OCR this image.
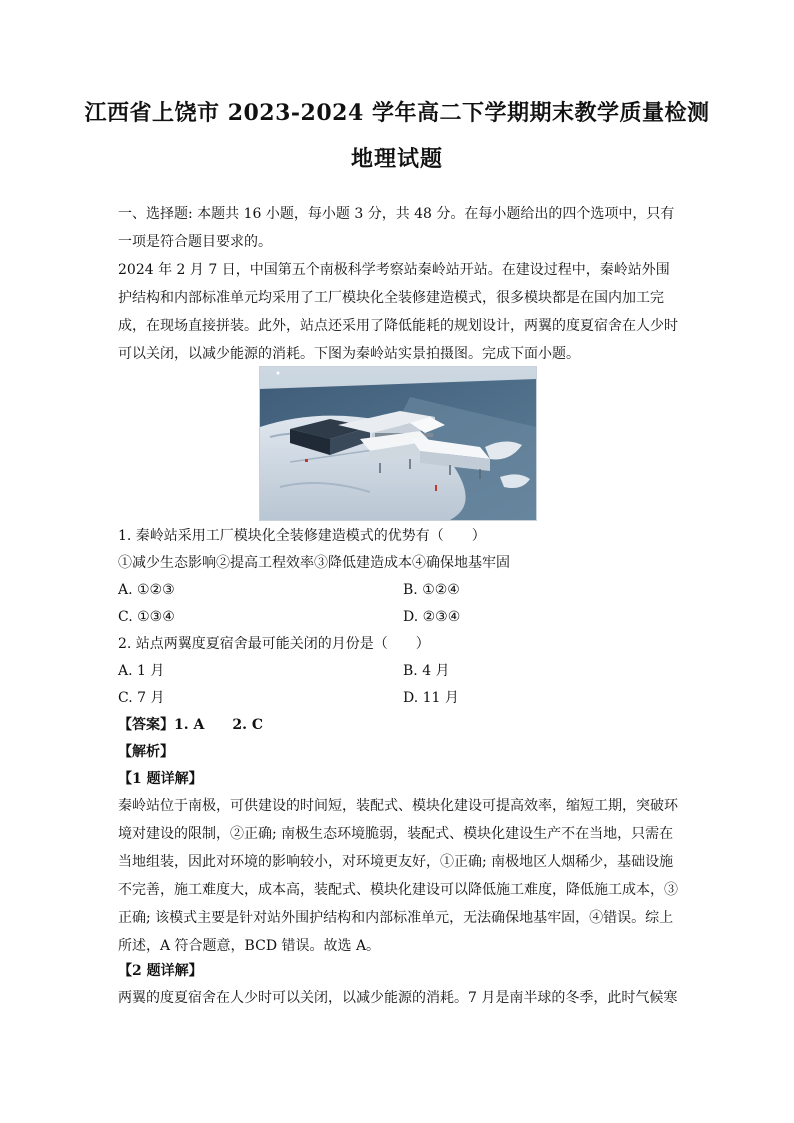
江西省上饶市 2023-2024 学年高二下学期期末教学质量检测
地理试题
一、选择题: 本题共 16 小题，每小题 3 分，共 48 分。在每小题给出的四个选项中，只有一项是符合题目要求的。
2024 年 2 月 7 日，中国第五个南极科学考察站秦岭站开站。在建设过程中，秦岭站外围护结构和内部标准单元均采用了工厂模块化全装修建造模式，很多模块都是在国内加工完成，在现场直接拼装。此外，站点还采用了降低能耗的规划设计，两翼的度夏宿舍在人少时可以关闭，以减少能源的消耗。下图为秦岭站实景拍摄图。完成下面小题。
1. 秦岭站采用工厂模块化全装修建造模式的优势有（　　）
①减少生态影响②提高工程效率③降低建造成本④确保地基牢固
A. ①②③	B. ①②④
C. ①③④	D. ②③④
2. 站点两翼度夏宿舍最可能关闭的月份是（　　）
A. 1 月	B. 4 月
C. 7 月	D. 11 月
【答案】1. A　　2. C
【解析】
【1 题详解】
秦岭站位于南极，可供建设的时间短，装配式、模块化建设可提高效率，缩短工期，突破环境对建设的限制，②正确; 南极生态环境脆弱，装配式、模块化建设生产不在当地，只需在当地组装，因此对环境的影响较小，对环境更友好，①正确; 南极地区人烟稀少，基础设施不完善，施工难度大，成本高，装配式、模块化建设可以降低施工难度，降低施工成本，③正确; 该模式主要是针对站外围护结构和内部标准单元，无法确保地基牢固，④错误。综上所述，A 符合题意，BCD 错误。故选 A。
【2 题详解】
两翼的度夏宿舍在人少时可以关闭，以减少能源的消耗。7 月是南半球的冬季，此时气候寒
